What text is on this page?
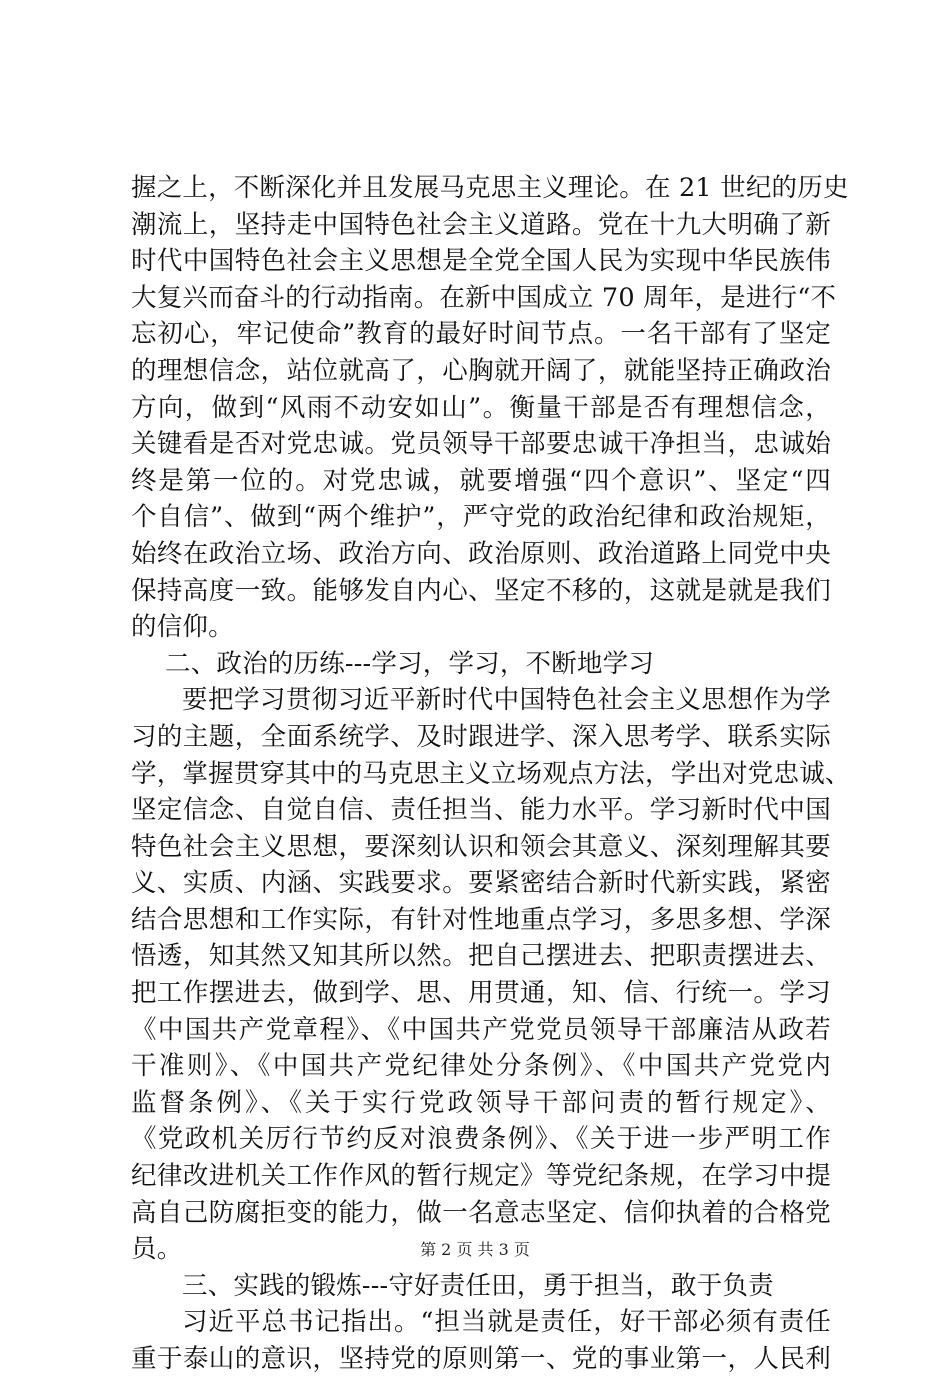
握之上，不断深化并且发展马克思主义理论。在 21 世纪的历史
潮流上，坚持走中国特色社会主义道路。党在十九大明确了新
时代中国特色社会主义思想是全党全国人民为实现中华民族伟
大复兴而奋斗的行动指南。在新中国成立 70 周年，是进行“不
忘初心，牢记使命”教育的最好时间节点。一名干部有了坚定
的理想信念，站位就高了，心胸就开阔了，就能坚持正确政治
方向，做到“风雨不动安如山”。衡量干部是否有理想信念，
关键看是否对党忠诚。党员领导干部要忠诚干净担当，忠诚始
终是第一位的。对党忠诚，就要增强“四个意识”、坚定“四
个自信”、做到“两个维护”，严守党的政治纪律和政治规矩，
始终在政治立场、政治方向、政治原则、政治道路上同党中央
保持高度一致。能够发自内心、坚定不移的，这就是就是我们
的信仰。
二、政治的历练---学习，学习，不断地学习
要把学习贯彻习近平新时代中国特色社会主义思想作为学
习的主题，全面系统学、及时跟进学、深入思考学、联系实际
学，掌握贯穿其中的马克思主义立场观点方法，学出对党忠诚、
坚定信念、自觉自信、责任担当、能力水平。学习新时代中国
特色社会主义思想，要深刻认识和领会其意义、深刻理解其要
义、实质、内涵、实践要求。要紧密结合新时代新实践，紧密
结合思想和工作实际，有针对性地重点学习，多思多想、学深
悟透，知其然又知其所以然。把自己摆进去、把职责摆进去、
把工作摆进去，做到学、思、用贯通，知、信、行统一。学习
《中国共产党章程》、《中国共产党党员领导干部廉洁从政若
干准则》、《中国共产党纪律处分条例》、《中国共产党党内
监督条例》、《关于实行党政领导干部问责的暂行规定》、
《党政机关厉行节约反对浪费条例》、《关于进一步严明工作
纪律改进机关工作作风的暂行规定》等党纪条规，在学习中提
高自己防腐拒变的能力，做一名意志坚定、信仰执着的合格党
员。
三、实践的锻炼---守好责任田，勇于担当，敢于负责
习近平总书记指出。“担当就是责任，好干部必须有责任
重于泰山的意识，坚持党的原则第一、党的事业第一，人民利
第 2 页 共 3 页
